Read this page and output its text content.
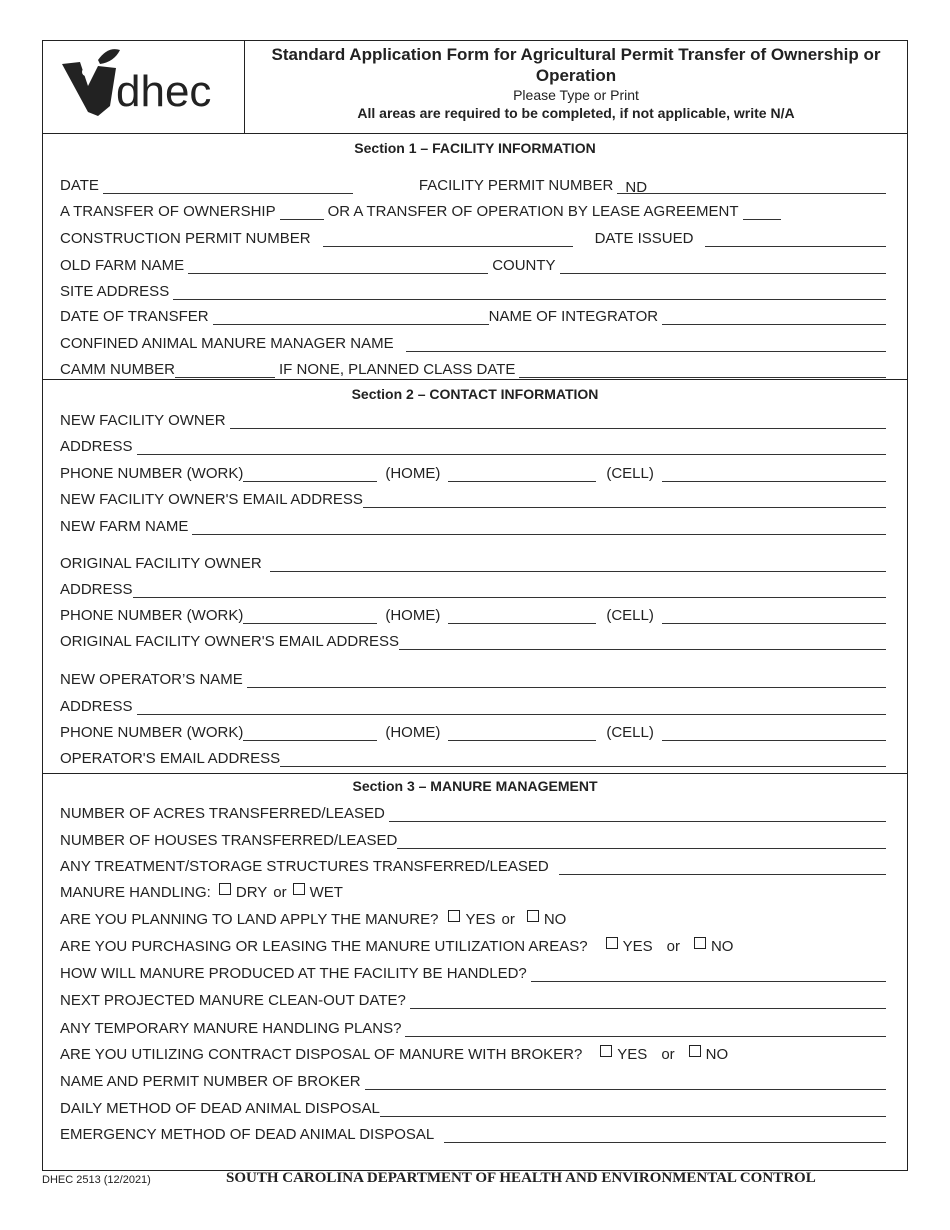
dhec
Standard Application Form for Agricultural Permit Transfer of Ownership or Operation
Please Type or Print
All areas are required to be completed, if not applicable, write N/A
Section 1 – FACILITY INFORMATION
DATE	FACILITY PERMIT NUMBER ND
A TRANSFER OF OWNERSHIP	OR A TRANSFER OF OPERATION BY LEASE AGREEMENT
CONSTRUCTION PERMIT NUMBER	DATE ISSUED
OLD FARM NAME	COUNTY
SITE ADDRESS
DATE OF TRANSFER	NAME OF INTEGRATOR
CONFINED ANIMAL MANURE MANAGER NAME
CAMM NUMBER	IF NONE, PLANNED CLASS DATE
Section 2 – CONTACT INFORMATION
NEW FACILITY OWNER
ADDRESS
PHONE NUMBER (WORK)	(HOME)	(CELL)
NEW FACILITY OWNER'S EMAIL ADDRESS
NEW FARM NAME
ORIGINAL FACILITY OWNER
ADDRESS
PHONE NUMBER (WORK)	(HOME)	(CELL)
ORIGINAL FACILITY OWNER'S EMAIL ADDRESS
NEW OPERATOR’S NAME
ADDRESS
PHONE NUMBER (WORK)	(HOME)	(CELL)
OPERATOR'S EMAIL ADDRESS
Section 3 – MANURE MANAGEMENT
NUMBER OF ACRES TRANSFERRED/LEASED
NUMBER OF HOUSES TRANSFERRED/LEASED
ANY TREATMENT/STORAGE STRUCTURES TRANSFERRED/LEASED
MANURE HANDLING:	DRY or	WET
ARE YOU PLANNING TO LAND APPLY THE MANURE?	YES or	NO
ARE YOU PURCHASING OR LEASING THE MANURE UTILIZATION AREAS?	YES or	NO
HOW WILL MANURE PRODUCED AT THE FACILITY BE HANDLED?
NEXT PROJECTED MANURE CLEAN-OUT DATE?
ANY TEMPORARY MANURE HANDLING PLANS?
ARE YOU UTILIZING CONTRACT DISPOSAL OF MANURE WITH BROKER?	YES or	NO
NAME AND PERMIT NUMBER OF BROKER
DAILY METHOD OF DEAD ANIMAL DISPOSAL
EMERGENCY METHOD OF DEAD ANIMAL DISPOSAL
DHEC 2513 (12/2021)	SOUTH CAROLINA DEPARTMENT OF HEALTH AND ENVIRONMENTAL CONTROL
